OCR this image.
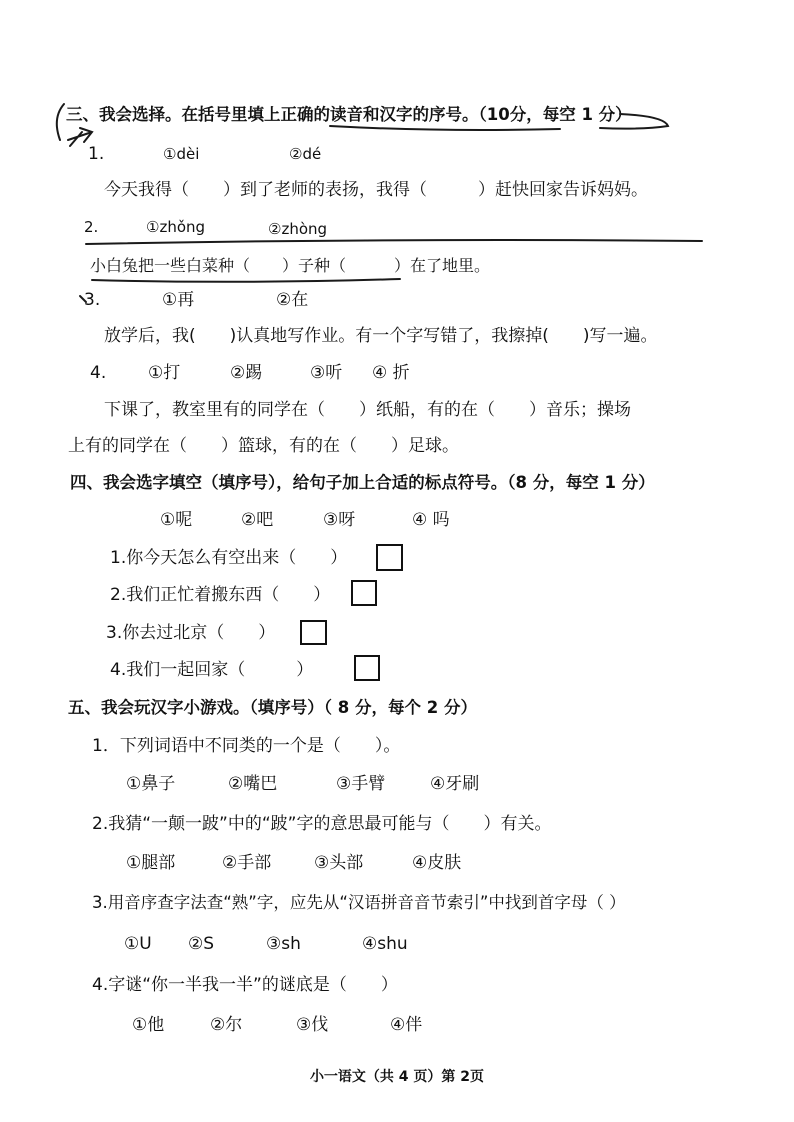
三、我会选择。在括号里填上正确的读音和汉字的序号。（10分，每空 1 分）
1.	①dèi	②dé
今天我得（　　）到了老师的表扬，我得（　　　）赶快回家告诉妈妈。
2.	①zhǒng	②zhòng
小白兔把一些白菜种（　　）子种（　　　）在了地里。
3.	①再	②在
放学后，我(　　)认真地写作业。有一个字写错了，我擦掉(　　)写一遍。
4. ①打	②踢	③听 ④ 折
下课了，教室里有的同学在（　　）纸船，有的在（　　）音乐；操场
上有的同学在（　　）篮球，有的在（　　）足球。
四、我会选字填空（填序号），给句子加上合适的标点符号。（8 分，每空 1 分）
①呢	②吧	③呀	④ 吗
1.你今天怎么有空出来（　　）
2.我们正忙着搬东西（　　）
3.你去过北京（　　）
4.我们一起回家（　　　）
五、我会玩汉字小游戏。（填序号）（ 8 分，每个 2 分）
1．下列词语中不同类的一个是（　　）。
①鼻子	②嘴巴	③手臂	④牙刷
2.我猜“一颠一跛”中的“跛”字的意思最可能与（　　）有关。
①腿部	②手部	③头部	④皮肤
3.用音序查字法查“熟”字，应先从“汉语拼音音节索引”中找到首字母（ ）
①U ②S	③sh	④shu
4.字谜“你一半我一半”的谜底是（　　）
①他	②尔	③伐	④伴
小一语文（共 4 页）第 2页
